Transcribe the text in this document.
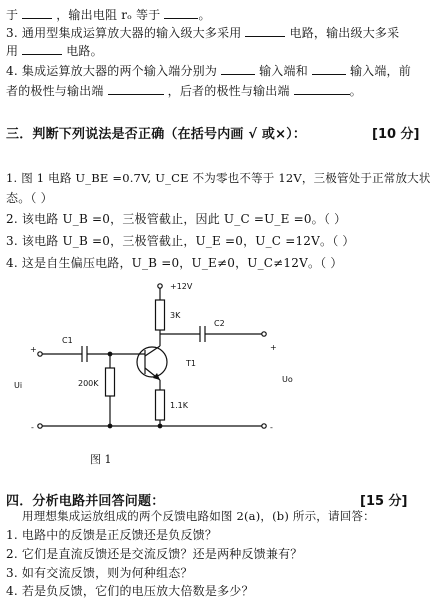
于	，输出电阻 rₒ 等于	。
3. 通用型集成运算放大器的输入级大多采用	电路，输出级大多采
用	电路。
4. 集成运算放大器的两个输入端分别为	输入端和	输入端，前
者的极性与输出端	，后者的极性与输出端	。
三．判断下列说法是否正确（在括号内画 √ 或×）：	[10 分]
1. 图 1 电路 U_BE =0.7V, U_CE 不为零也不等于 12V，三极管处于正常放大状
态。（ ）
2. 该电路 U_B =0，三极管截止，因此 U_C =U_E =0。（ ）
3. 该电路 U_B =0，三极管截止，U_E =0，U_C =12V。（ ）
4. 这是自生偏压电路，U_B =0，U_E≠0，U_C≠12V。（ ）
+12V
3K
C2
C1
T1
200K
1.1K
Ui
Uo
+
-
+
-
图 1
四．分析电路并回答问题：	[15 分]
用理想集成运放组成的两个反馈电路如图 2(a)，(b) 所示，请回答：
1. 电路中的反馈是正反馈还是负反馈？
2. 它们是直流反馈还是交流反馈？还是两种反馈兼有？
3. 如有交流反馈，则为何种组态？
4. 若是负反馈，它们的电压放大倍数是多少？
